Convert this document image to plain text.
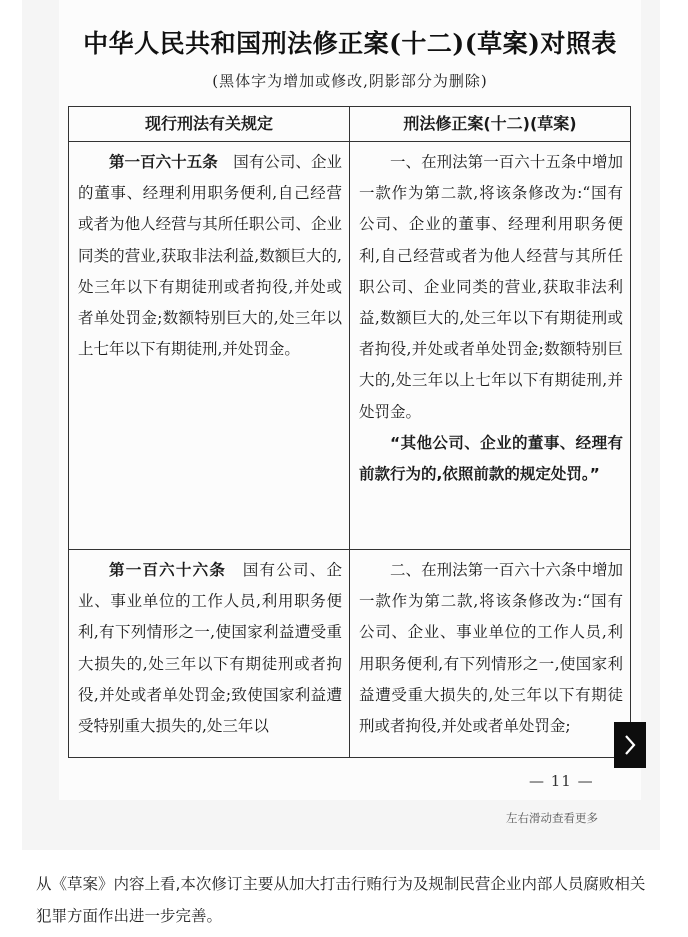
中华人民共和国刑法修正案(十二)(草案)对照表
(黑体字为增加或修改,阴影部分为删除)
现行刑法有关规定	刑法修正案(十二)(草案)
第一百六十五条　 国有公司、企业的董事、经理利用职务便利,自己经营或者为他人经营与其所任职公司、企业同类的营业,获取非法利益,数额巨大的,处三年以下有期徒刑或者拘役,并处或者单处罚金;数额特别巨大的,处三年以上七年以下有期徒刑,并处罚金。

一、在刑法第一百六十五条中增加一款作为第二款,将该条修改为:“国有公司、企业的董事、经理利用职务便利,自己经营或者为他人经营与其所任职公司、企业同类的营业,获取非法利益,数额巨大的,处三年以下有期徒刑或者拘役,并处或者单处罚金;数额特别巨大的,处三年以上七年以下有期徒刑,并处罚金。

“其他公司、企业的董事、经理有前款行为的,依照前款的规定处罚。”

第一百六十六条　 国有公司、企业、事业单位的工作人员,利用职务便利,有下列情形之一,使国家利益遭受重大损失的,处三年以下有期徒刑或者拘役,并处或者单处罚金;致使国家利益遭受特别重大损失的,处三年以
二、在刑法第一百六十六条中增加一款作为第二款,将该条修改为:“国有公司、企业、事业单位的工作人员,利用职务便利,有下列情形之一,使国家利益遭受重大损失的,处三年以下有期徒刑或者拘役,并处或者单处罚金;
— 11 —
左右滑动查看更多
从《草案》内容上看,本次修订主要从加大打击行贿行为及规制民营企业内部人员腐败相关犯罪方面作出进一步完善。
